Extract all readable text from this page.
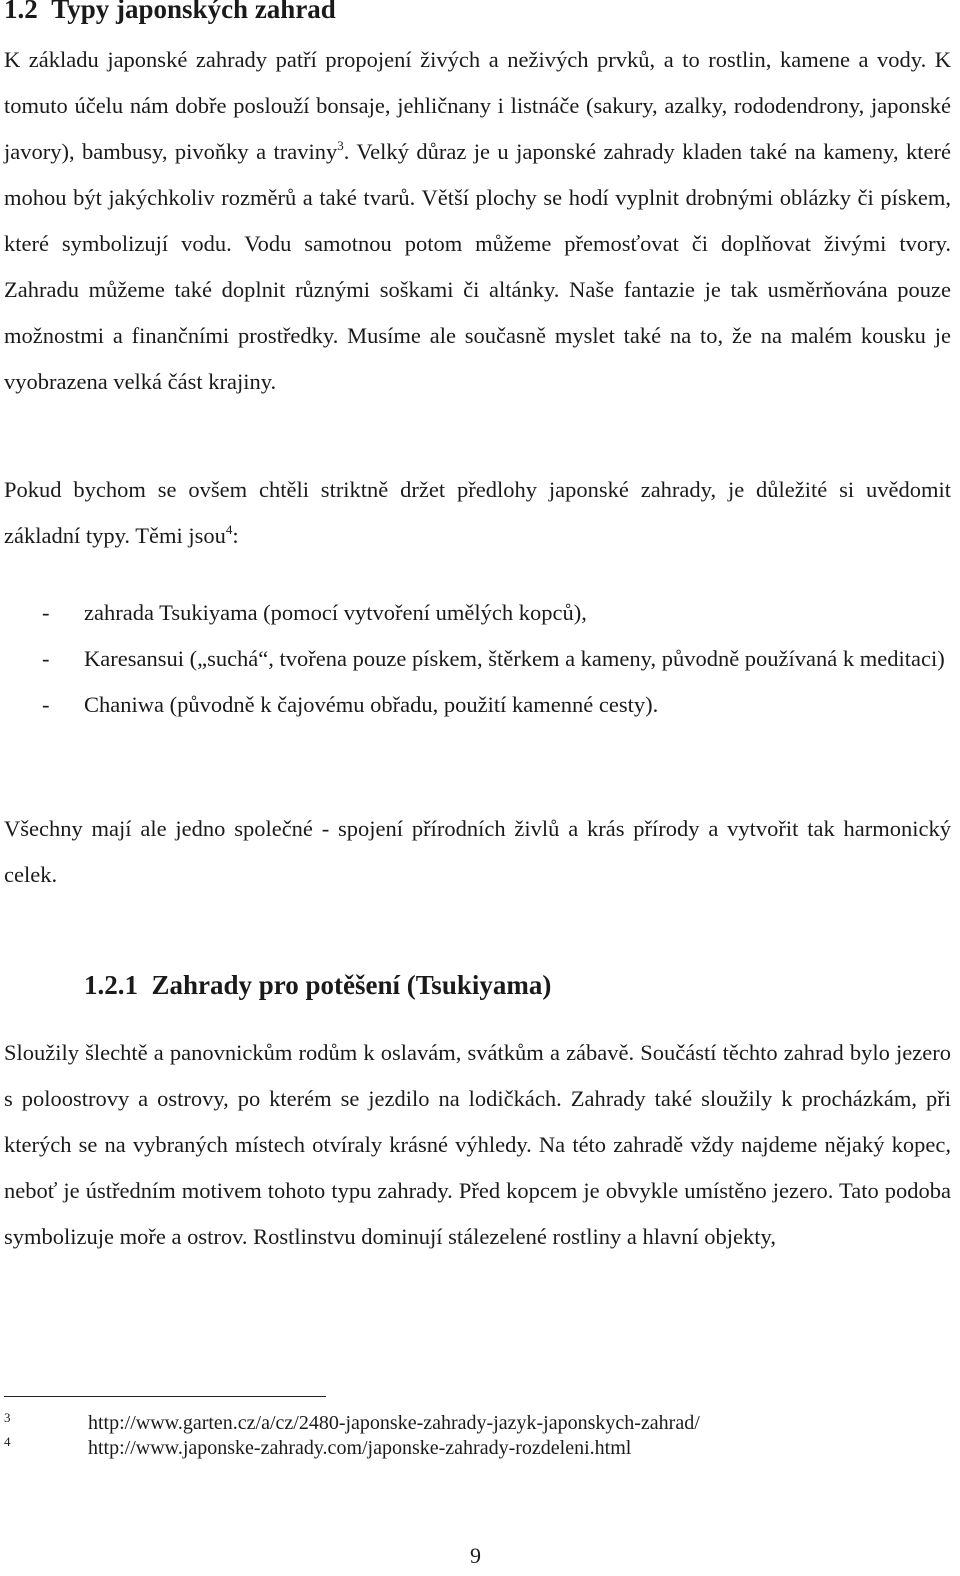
1.2 Typy japonských zahrad

K základu japonské zahrady patří propojení živých a neživých prvků, a to rostlin, kamene a vody. K tomuto účelu nám dobře poslouží bonsaje, jehličnany i listnáče (sakury, azalky, rododendrony, japonské javory), bambusy, pivoňky a traviny$^3$. Velký důraz je u japonské zahrady kladen také na kameny, které mohou být jakýchkoliv rozměrů a také tvarů. Větší plochy se hodí vyplnit drobnými oblázky či pískem, které symbolizují vodu. Vodu samotnou potom můžeme přemosťovat či doplňovat živými tvory. Zahradu můžeme také doplnit různými soškami či altánky. Naše fantazie je tak usměrňována pouze možnostmi a finančními prostředky. Musíme ale současně myslet také na to, že na malém kousku je vyobrazena velká část krajiny.

Pokud bychom se ovšem chtěli striktně držet předlohy japonské zahrady, je důležité si uvědomit základní typy. Těmi jsou$^4$:

- zahrada Tsukiyama (pomocí vytvoření umělých kopců),
- Karesansui („suchá“, tvořena pouze pískem, štěrkem a kameny, původně používaná k meditaci)
- Chaniwa (původně k čajovému obřadu, použití kamenné cesty).

Všechny mají ale jedno společné - spojení přírodních živlů a krás přírody a vytvořit tak harmonický celek.

1.2.1 Zahrady pro potěšení (Tsukiyama)

Sloužily šlechtě a panovnickům rodům k oslavám, svátkům a zábavě. Součástí těchto zahrad bylo jezero s poloostrovy a ostrovy, po kterém se jezdilo na lodičkách. Zahrady také sloužily k procházkám, při kterých se na vybraných místech otvíraly krásné výhledy. Na této zahradě vždy najdeme nějaký kopec, neboť je ústředním motivem tohoto typu zahrady. Před kopcem je obvykle umístěno jezero. Tato podoba symbolizuje moře a ostrov. Rostlinstvu dominují stálezelené rostliny a hlavní objekty,

3
4
http://www.garten.cz/a/cz/2480-japonske-zahrady-jazyk-japonskych-zahrad/
http://www.japonske-zahrady.com/japonske-zahrady-rozdeleni.html
9
